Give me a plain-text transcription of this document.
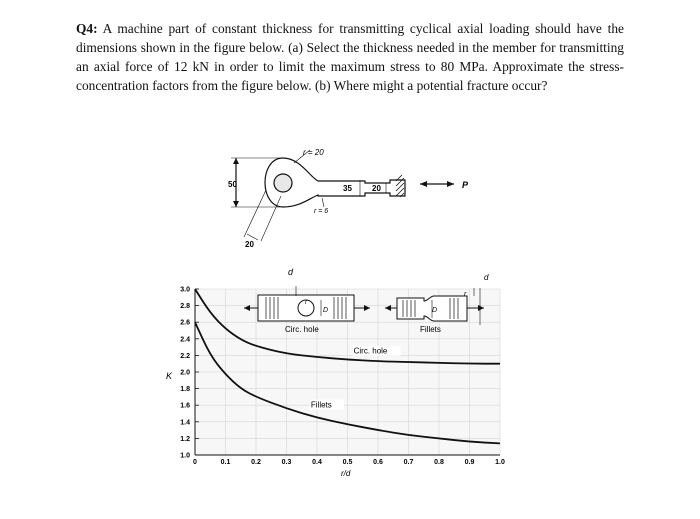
Q4: A machine part of constant thickness for transmitting cyclical axial loading should have the dimensions shown in the figure below. (a) Select the thickness needed in the member for transmitting an axial force of 12 kN in order to limit the maximum stress to 80 MPa. Approximate the stress-concentration factors from the figure below. (b) Where might a potential fracture occur?

r = 20
50	35	20
r = 6
20
P
0	0.1	0.2	0.3	0.4	0.5	0.6	0.7	0.8	0.9	1.0
1.0
1.2
1.4
1.6
1.8
2.0
2.2
2.4
2.6
2.8
3.0
r/d
K
Circ. hole
Fillets
d
r
D
Circ. hole
d
r
D
Fillets
